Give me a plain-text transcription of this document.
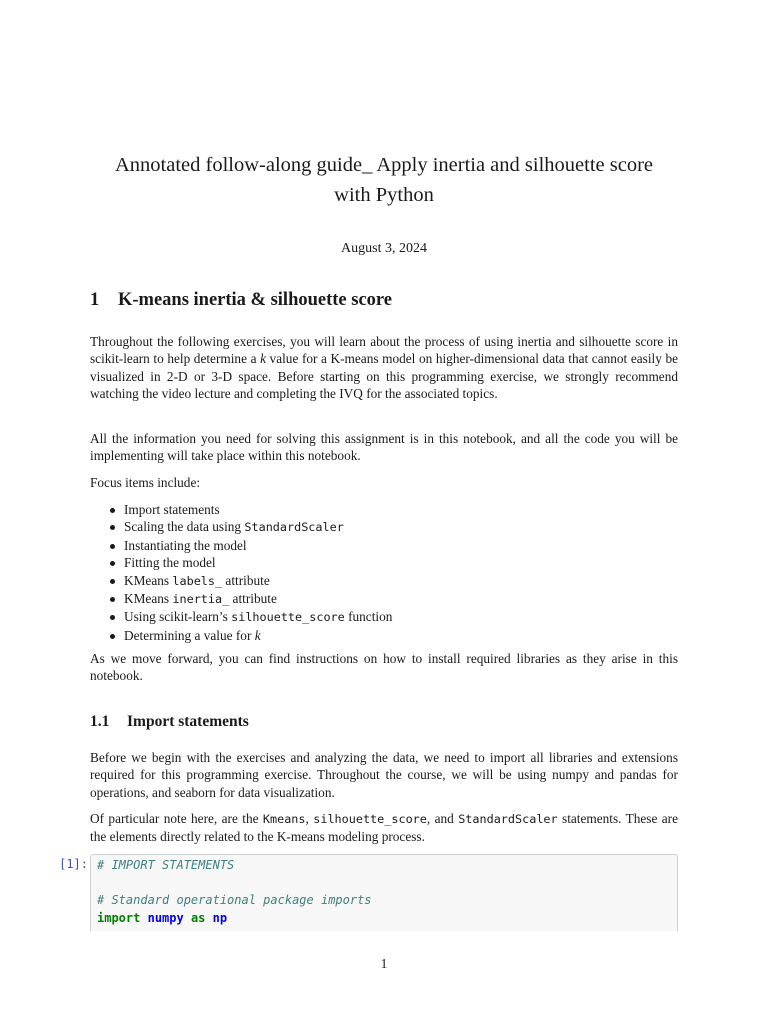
Annotated follow-along guide_ Apply inertia and silhouette score
with Python
August 3, 2024
1 K-means inertia & silhouette score

Throughout the following exercises, you will learn about the process of using inertia and silhouette score in scikit-learn to help determine a k value for a K-means model on higher-dimensional data that cannot easily be visualized in 2-D or 3-D space. Before starting on this programming exercise, we strongly recommend watching the video lecture and completing the IVQ for the associated topics.

All the information you need for solving this assignment is in this notebook, and all the code you will be implementing will take place within this notebook.

Focus items include:

Import statements
Scaling the data using StandardScaler
Instantiating the model
Fitting the model
KMeans labels_ attribute
KMeans inertia_ attribute
Using scikit-learn’s silhouette_score function
Determining a value for k

As we move forward, you can find instructions on how to install required libraries as they arise in this notebook.

1.1 Import statements

Before we begin with the exercises and analyzing the data, we need to import all libraries and extensions required for this programming exercise. Throughout the course, we will be using numpy and pandas for operations, and seaborn for data visualization.

Of particular note here, are the Kmeans, silhouette_score, and StandardScaler statements. These are the elements directly related to the K-means modeling process.

[1]: # IMPORT STATEMENTS
# Standard operational package imports
import numpy as np
1
